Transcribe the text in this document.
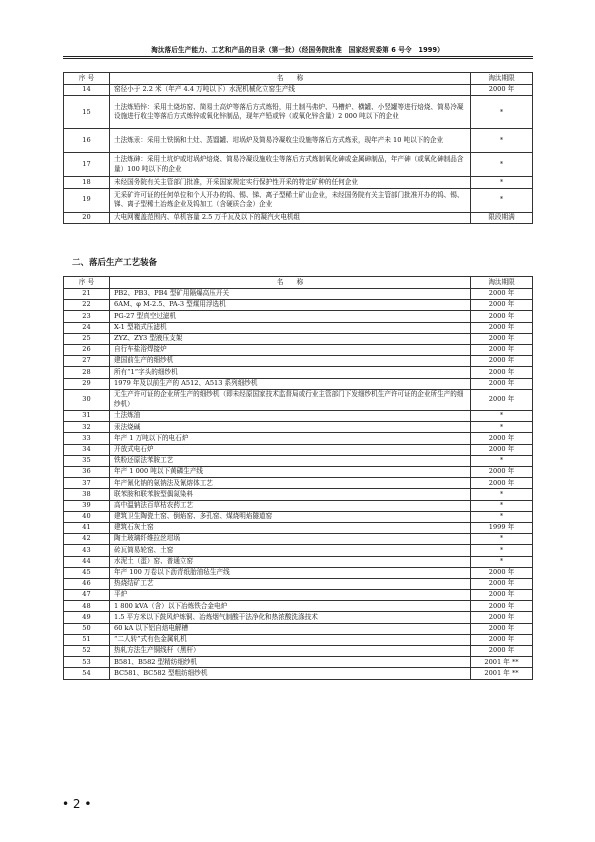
淘汰落后生产能力、工艺和产品的目录（第一批）（经国务院批准　国家经贸委第 6 号令　1999）
序 号	名　　称	淘汰期限
14	窑径小于 2.2 米（年产 4.4 万吨以下）水泥机械化立窑生产线	2000 年
15	土法炼铅锌：采用土烧坊窑、简易土高炉等落后方式炼铅，用土制马弗炉、马槽炉、横罐、小竖罐等进行焙烧、简易冷凝设施进行收尘等落后方式炼锌或氧化锌制品，现年产铅或锌（或氧化锌含量）2 000 吨以下的企业	*
16	土法炼汞：采用土铁锅和土灶、蒸馏罐、坩埚炉及简易冷凝收尘设施等落后方式炼汞，现年产未 10 吨以下的企业	*
17	土法炼砷：采用土坑炉或坩埚炉焙烧、简易冷凝设施收尘等落后方式炼制氧化砷或金属砷制品，年产砷（或氧化砷制品含量）100 吨以下的企业	*
18	未经国务院有关主管部门批准，开采国家规定实行保护性开采的特定矿种的任何企业	*
19	无采矿许可证的任何单位和个人开办的钨、锡、锑、离子型稀土矿山企业，未经国务院有关主管部门批准开办的钨、锡、锑、离子型稀土冶炼企业及钨加工（含硬质合金）企业	*
20	大电网覆盖范围内、单机容量 2.5 万千瓦及以下的凝汽火电机组	限段期满
二、落后生产工艺装备
序 号	名　　称	淘汰期限
21	PB2、PB3、PB4 型矿用隔爆高压开关	2000 年
22	6AM、φ M-2.5、PA-3 型煤用浮选机	2000 年
23	PG-27 型真空过滤机	2000 年
24	X-1 型箱式压滤机	2000 年
25	ZYZ、ZY3 型液压支架	2000 年
26	自行车盐浴焊接炉	2000 年
27	建国前生产的细纱机	2000 年
28	所有“1”字头的细纱机	2000 年
29	1979 年及以前生产的 A512、A513 系列细纱机	2000 年
30	无生产许可证的企业所生产的细纱机（即未经原国家技术监督局或行业主管部门下发细纱机生产许可证的企业所生产的细纱机）	2000 年
31	土法炼油	*
32	汞法烧碱	*
33	年产 1 万吨以下的电石炉	2000 年
34	开放式电石炉	2000 年
35	铁粉还原法苯胺工艺	*
36	年产 1 000 吨以下黄磷生产线	2000 年
37	年产氰化钠的氨钠法及氰熔体工艺	2000 年
38	联苯胺和联苯胺型偶氮染料	*
39	高中温钠法百草枯农药工艺	*
40	建筑卫生陶瓷土窑、倒焰窑、多孔窑、煤烧明焰隧道窑	*
41	建筑石灰土窑	1999 年
42	陶土玻璃纤维拉丝坩埚	*
43	砖瓦简易轮窑、土窑	*
44	水泥土（蛋）窑、普通立窑	*
45	年产 100 万卷以下沥青纸胎油毡生产线	2000 年
46	热烧结矿工艺	2000 年
47	平炉	2000 年
48	1 800 kVA（含）以下冶炼铁合金电炉	2000 年
49	1.5 平方米以下鼓风炉炼铜、冶炼烟气制酸干法净化和热浓酸洗涤技术	2000 年
50	60 kA 以下铝自焙电解槽	2000 年
51	“二人转”式有色金属轧机	2000 年
52	热轧方法生产铜线杆（黑杆）	2000 年
53	B581、B582 型精纺细纱机	2001 年 **
54	BC581、BC582 型粗纺细纱机	2001 年 **
• 2 •
